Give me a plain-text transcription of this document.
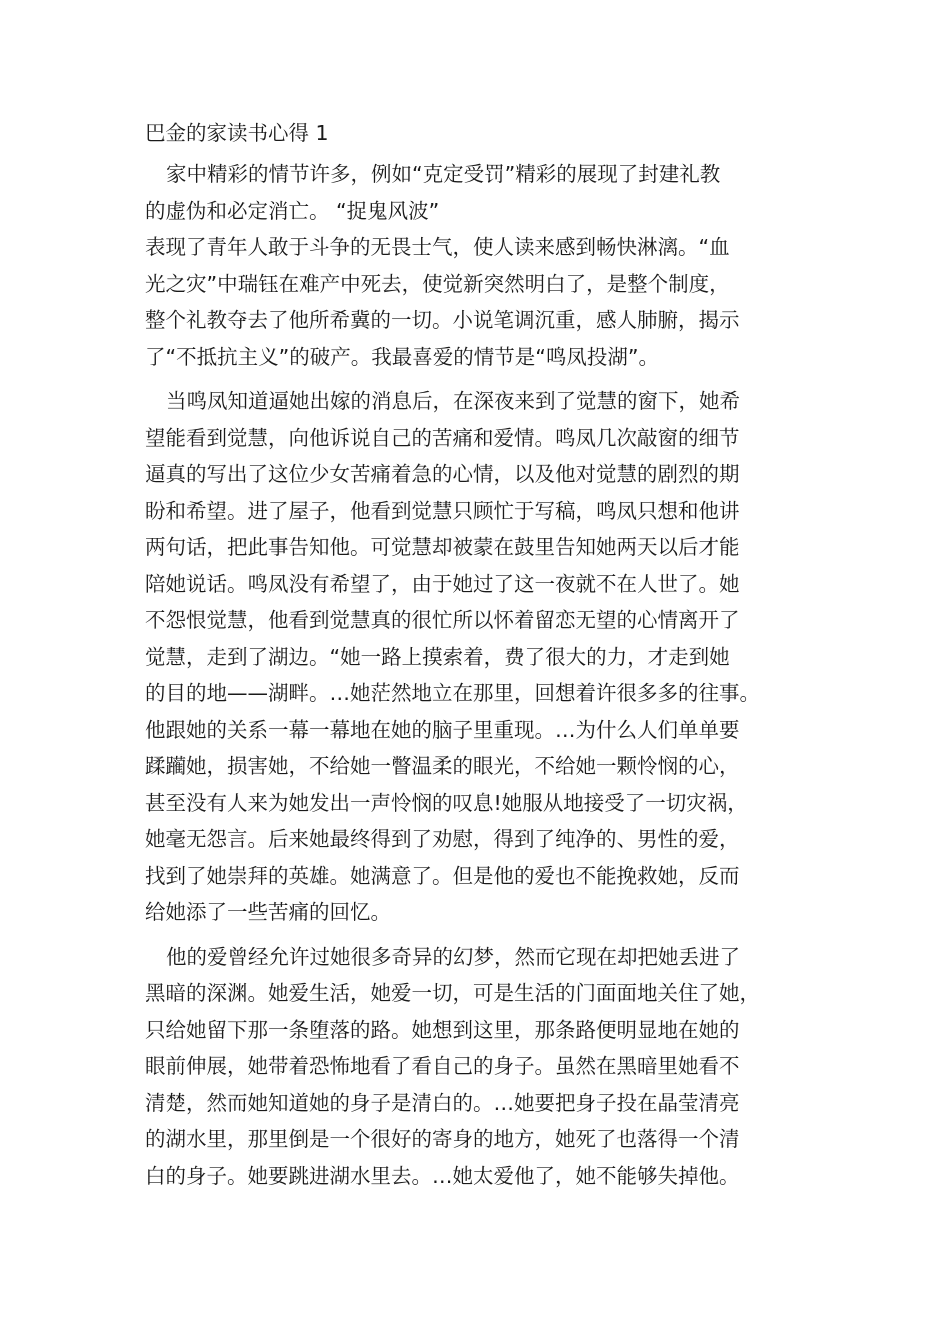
巴金的家读书心得 1
家中精彩的情节许多，例如“克定受罚”精彩的展现了封建礼教
的虚伪和必定消亡。 “捉鬼风波”
表现了青年人敢于斗争的无畏士气，使人读来感到畅快淋漓。“血
光之灾”中瑞钰在难产中死去，使觉新突然明白了，是整个制度，
整个礼教夺去了他所希冀的一切。小说笔调沉重，感人肺腑，揭示
了“不抵抗主义”的破产。我最喜爱的情节是“鸣凤投湖”。
当鸣凤知道逼她出嫁的消息后，在深夜来到了觉慧的窗下，她希
望能看到觉慧，向他诉说自己的苦痛和爱情。鸣凤几次敲窗的细节
逼真的写出了这位少女苦痛着急的心情，以及他对觉慧的剧烈的期
盼和希望。进了屋子，他看到觉慧只顾忙于写稿，鸣凤只想和他讲
两句话，把此事告知他。可觉慧却被蒙在鼓里告知她两天以后才能
陪她说话。鸣凤没有希望了，由于她过了这一夜就不在人世了。她
不怨恨觉慧，他看到觉慧真的很忙所以怀着留恋无望的心情离开了
觉慧，走到了湖边。“她一路上摸索着，费了很大的力，才走到她
的目的地——湖畔。…她茫然地立在那里，回想着许很多多的往事。
他跟她的关系一幕一幕地在她的脑子里重现。…为什么人们单单要
蹂躏她，损害她，不给她一瞥温柔的眼光，不给她一颗怜悯的心，
甚至没有人来为她发出一声怜悯的叹息!她服从地接受了一切灾祸，
她毫无怨言。后来她最终得到了劝慰，得到了纯净的、男性的爱，
找到了她崇拜的英雄。她满意了。但是他的爱也不能挽救她，反而
给她添了一些苦痛的回忆。
他的爱曾经允许过她很多奇异的幻梦，然而它现在却把她丢进了
黑暗的深渊。她爱生活，她爱一切，可是生活的门面面地关住了她，
只给她留下那一条堕落的路。她想到这里，那条路便明显地在她的
眼前伸展，她带着恐怖地看了看自己的身子。虽然在黑暗里她看不
清楚，然而她知道她的身子是清白的。…她要把身子投在晶莹清亮
的湖水里，那里倒是一个很好的寄身的地方，她死了也落得一个清
白的身子。她要跳进湖水里去。…她太爱他了，她不能够失掉他。
